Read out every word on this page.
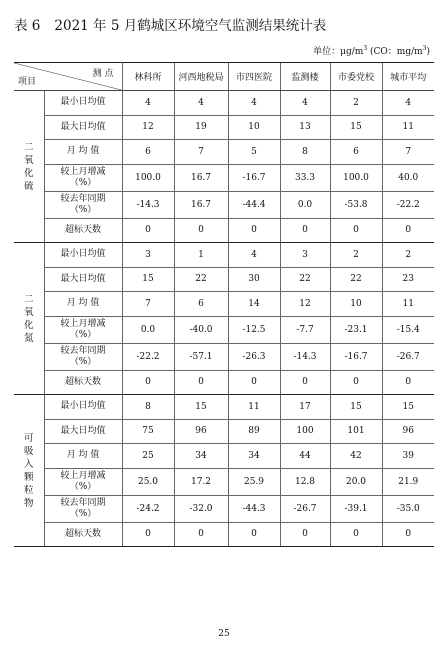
表 6 2021 年 5 月鹤城区环境空气监测结果统计表
单位：$\mu g/m^3$ (CO：$mg/m^3$)
测 点
项目		林科所	河西地税局	市四医院	监测楼	市委党校	城市平均
二氧化硫	最小日均值	4	4	4	4	2	4
	最大日均值	12	19	10	13	15	11
	月 均 值	6	7	5	8	6	7
	较上月增减
（%）	100.0	16.7	-16.7	33.3	100.0	40.0
	较去年同期
（%）	-14.3	16.7	-44.4	0.0	-53.8	-22.2
	超标天数	0	0	0	0	0	0
二氧化氮	最小日均值	3	1	4	3	2	2
	最大日均值	15	22	30	22	22	23
	月 均 值	7	6	14	12	10	11
	较上月增减
（%）	0.0	-40.0	-12.5	-7.7	-23.1	-15.4
	较去年同期
（%）	-22.2	-57.1	-26.3	-14.3	-16.7	-26.7
	超标天数	0	0	0	0	0	0
可吸入颗粒物	最小日均值	8	15	11	17	15	15
	最大日均值	75	96	89	100	101	96
	月 均 值	25	34	34	44	42	39
	较上月增减
（%）	25.0	17.2	25.9	12.8	20.0	21.9
	较去年同期
（%）	-24.2	-32.0	-44.3	-26.7	-39.1	-35.0
	超标天数	0	0	0	0	0	0
25
